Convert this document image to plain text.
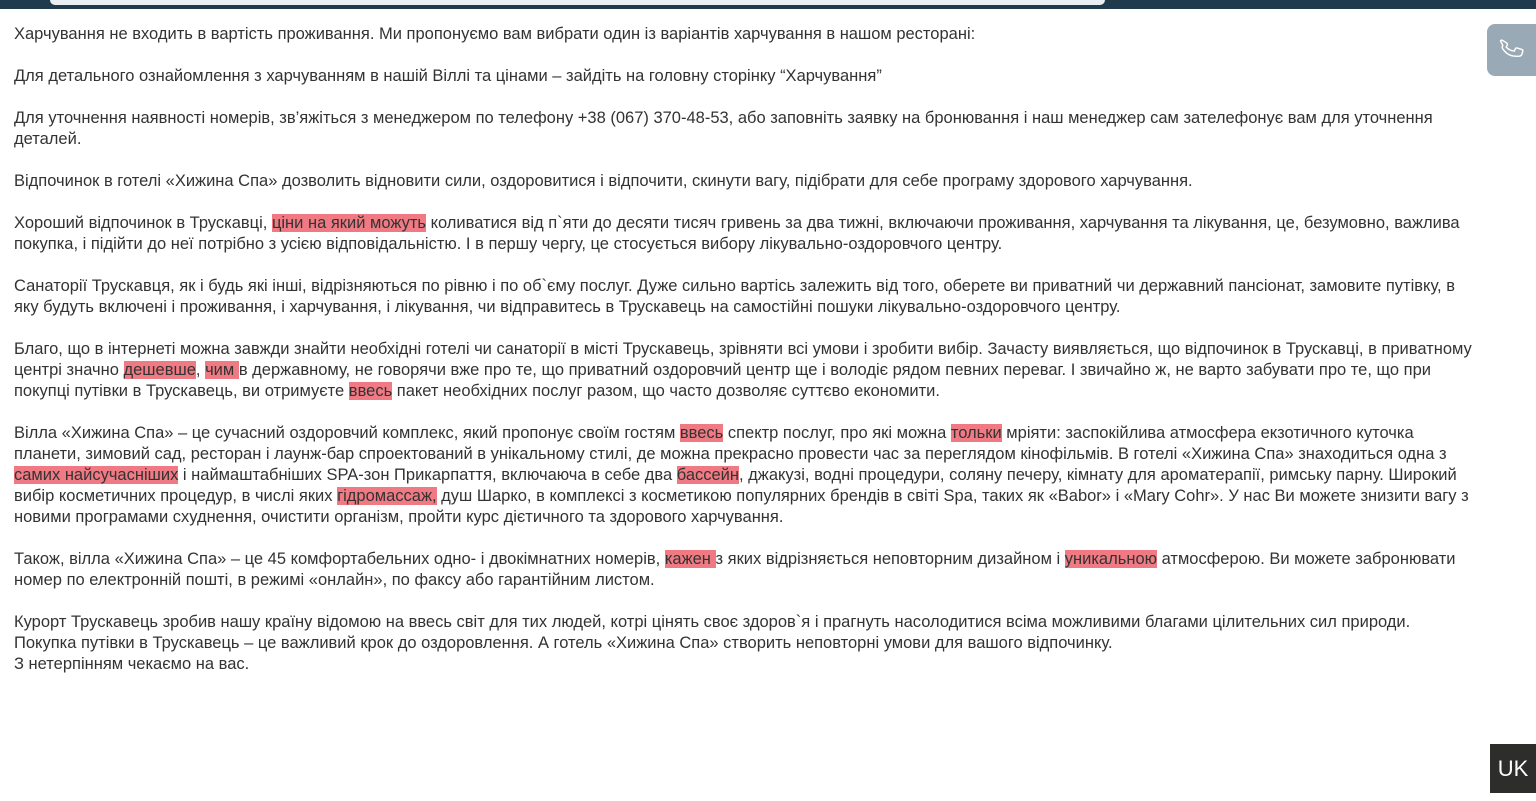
Харчування не входить в вартість проживання. Ми пропонуємо вам вибрати один із варіантів харчування в нашом ресторані:

Для детального ознайомлення з харчуванням в нашій Віллі та цінами – зайдіть на головну сторінку “Харчування”

Для уточнення наявності номерів, зв’яжіться з менеджером по телефону +38 (067) 370-48-53, або заповніть заявку на бронювання і наш менеджер сам зателефонує вам для уточнення деталей.

Відпочинок в готелі «Хижина Спа» дозволить відновити сили, оздоровитися і відпочити, скинути вагу, підібрати для себе програму здорового харчування.

Хороший відпочинок в Трускавці, ціни на який можуть коливатися від п`яти до десяти тисяч гривень за два тижні, включаючи проживання, харчування та лікування, це, безумовно, важлива покупка, і підійти до неї потрібно з усією відповідальністю. І в першу чергу, це стосується вибору лікувально-оздоровчого центру.

Санаторії Трускавця, як і будь які інші, відрізняються по рівню і по об`єму послуг. Дуже сильно вартісь залежить від того, оберете ви приватний чи державний пансіонат, замовите путівку, в яку будуть включені і проживання, і харчування, і лікування, чи відправитесь в Трускавець на самостійні пошуки лікувально-оздоровчого центру.

Благо, що в інтернеті можна завжди знайти необхідні готелі чи санаторії в місті Трускавець, зрівняти всі умови і зробити вибір. Зачасту виявляється, що відпочинок в Трускавці, в приватному центрі значно дешевше, чим в державному, не говорячи вже про те, що приватний оздоровчий центр ще і володіє рядом певних переваг. І звичайно ж, не варто забувати про те, що при покупці путівки в Трускавець, ви отримуєте ввесь пакет необхідних послуг разом, що часто дозволяє суттєво економити.

Вілла «Хижина Спа» – це сучасний оздоровчий комплекс, який пропонує своїм гостям ввесь спектр послуг, про які можна тольки мріяти: заспокійлива атмосфера екзотичного куточка планети, зимовий сад, ресторан і лаунж-бар спроектований в унікальному стилі, де можна прекрасно провести час за переглядом кінофільмів. В готелі «Хижина Спа» знаходиться одна з самих найсучасніших і наймаштабніших SPA-зон Прикарпаття, включаюча в себе два бассейн, джакузі, водні процедури, соляну печеру, кімнату для ароматерапії, римську парну. Широкий вибір косметичних процедур, в числі яких гідромассаж, душ Шарко, в комплексі з косметикою популярних брендів в світі Spa, таких як «Babor» і «Mary Cohr». У нас Ви можете знизити вагу з новими програмами схуднення, очистити організм, пройти курс дієтичного та здорового харчування.

Також, вілла «Хижина Спа» – це 45 комфортабельних одно- і двокімнатних номерів, кажен з яких відрізняється неповторним дизайном і уникальною атмосферою. Ви можете забронювати номер по електронній пошті, в режимі «онлайн», по факсу або гарантійним листом.

Курорт Трускавець зробив нашу країну відомою на ввесь світ для тих людей, котрі цінять своє здоров`я і прагнуть насолодитися всіма можливими благами цілительних сил природи. Покупка путівки в Трускавець – це важливий крок до оздоровлення. А готель «Хижина Спа» створить неповторні умови для вашого відпочинку.

З нетерпінням чекаємо на вас.

UK
